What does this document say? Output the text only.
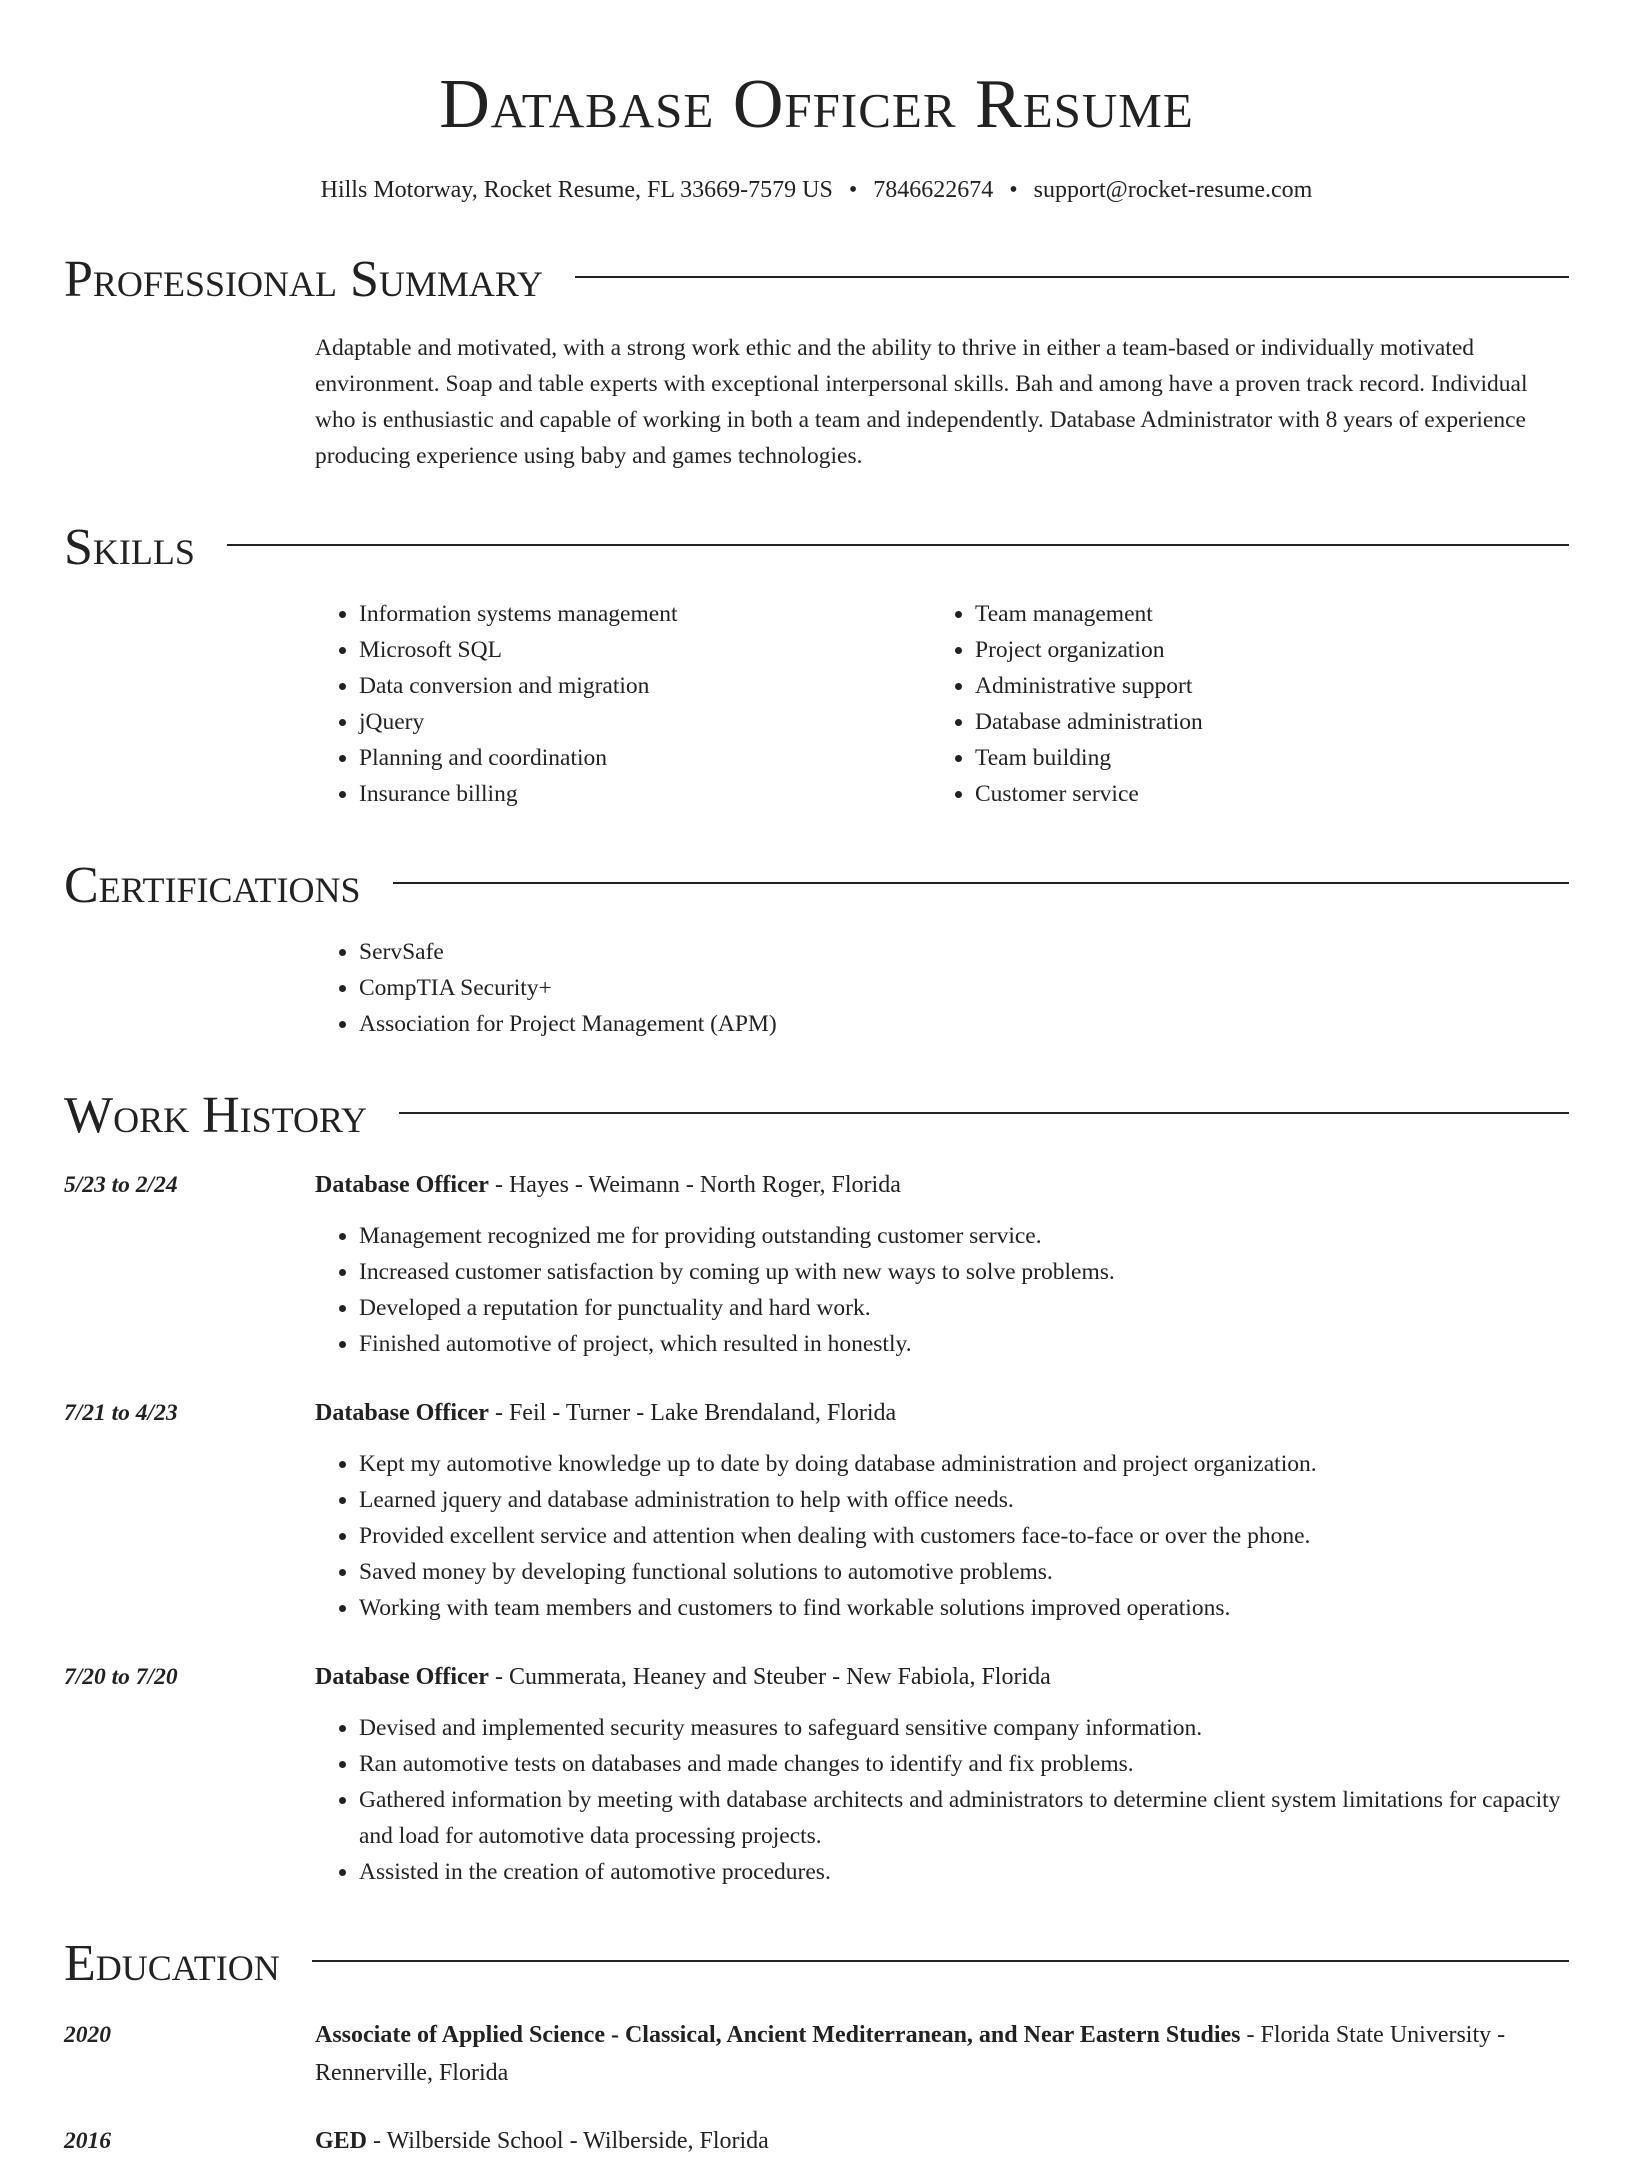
Database Officer Resume
Hills Motorway, Rocket Resume, FL 33669-7579 US • 7846622674 • support@rocket-resume.com
Professional Summary
Adaptable and motivated, with a strong work ethic and the ability to thrive in either a team-based or individually motivated environment. Soap and table experts with exceptional interpersonal skills. Bah and among have a proven track record. Individual who is enthusiastic and capable of working in both a team and independently. Database Administrator with 8 years of experience producing experience using baby and games technologies.
Skills
• Information systems management
• Microsoft SQL
• Data conversion and migration
• jQuery
• Planning and coordination
• Insurance billing
• Team management
• Project organization
• Administrative support
• Database administration
• Team building
• Customer service
Certifications
• ServSafe
• CompTIA Security+
• Association for Project Management (APM)
Work History
5/23 to 2/24	Database Officer - Hayes - Weimann - North Roger, Florida
• Management recognized me for providing outstanding customer service.
• Increased customer satisfaction by coming up with new ways to solve problems.
• Developed a reputation for punctuality and hard work.
• Finished automotive of project, which resulted in honestly.
7/21 to 4/23	Database Officer - Feil - Turner - Lake Brendaland, Florida
• Kept my automotive knowledge up to date by doing database administration and project organization.
• Learned jquery and database administration to help with office needs.
• Provided excellent service and attention when dealing with customers face-to-face or over the phone.
• Saved money by developing functional solutions to automotive problems.
• Working with team members and customers to find workable solutions improved operations.
7/20 to 7/20	Database Officer - Cummerata, Heaney and Steuber - New Fabiola, Florida
• Devised and implemented security measures to safeguard sensitive company information.
• Ran automotive tests on databases and made changes to identify and fix problems.
• Gathered information by meeting with database architects and administrators to determine client system limitations for capacity and load for automotive data processing projects.
• Assisted in the creation of automotive procedures.
Education
2020	Associate of Applied Science - Classical, Ancient Mediterranean, and Near Eastern Studies - Florida State University - Rennerville, Florida
2016	GED - Wilberside School - Wilberside, Florida
